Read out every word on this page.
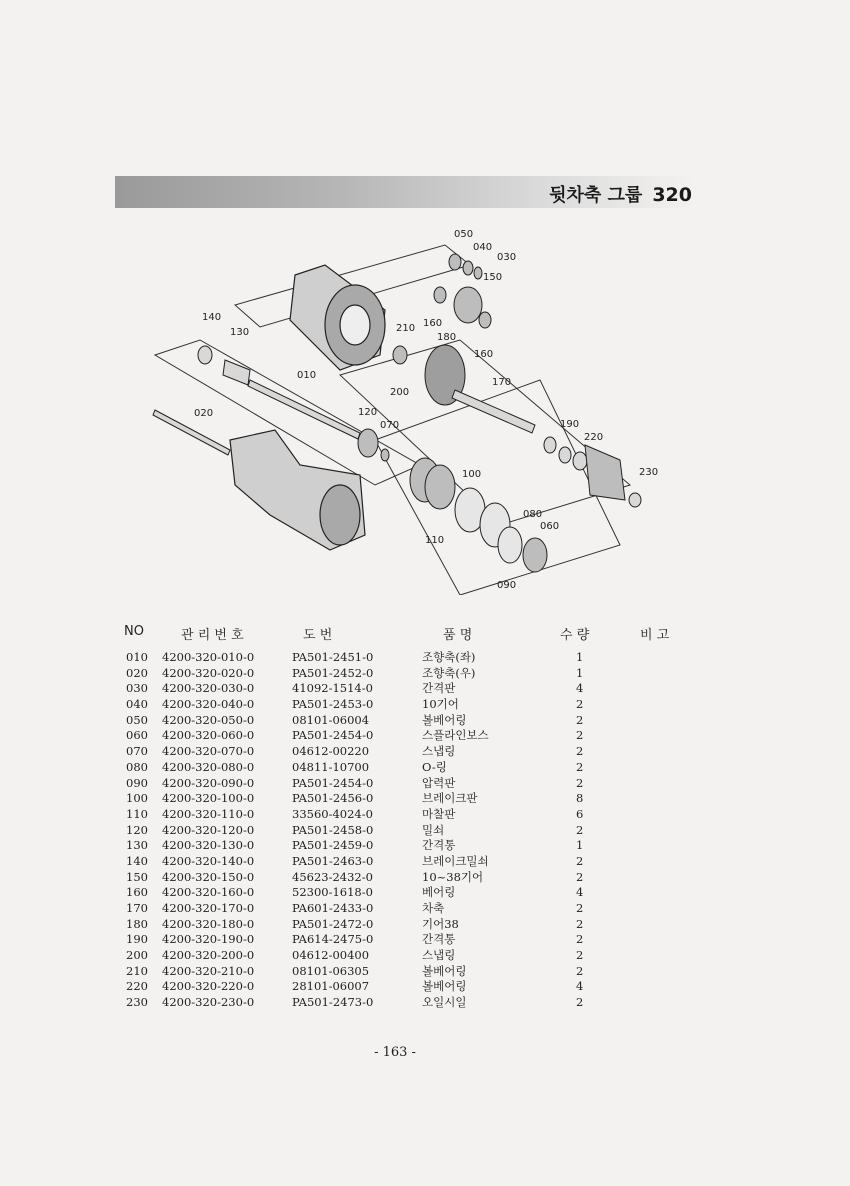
뒷차축 그룹 320
050
040
030
150
160
160
210
180
140
130
010
200
170
020	120
070	190
220
230
100
080
060
110
090
NO	관 리 번 호	도 번	품 명	수 량	비 고
010 4200-320-010-0	PA501-2451-0	조향축(좌)	1
020 4200-320-020-0	PA501-2452-0	조향축(우)	1
030 4200-320-030-0	41092-1514-0	간격판	4
040 4200-320-040-0	PA501-2453-0	10기어	2
050 4200-320-050-0	08101-06004	볼베어링	2
060 4200-320-060-0	PA501-2454-0	스플라인보스	2
070 4200-320-070-0	04612-00220	스냅링	2
080 4200-320-080-0	04811-10700	O-링	2
090 4200-320-090-0	PA501-2454-0	압력판	2
100 4200-320-100-0	PA501-2456-0	브레이크판	8
110 4200-320-110-0	33560-4024-0	마찰판	6
120 4200-320-120-0	PA501-2458-0	밀쇠	2
130 4200-320-130-0	PA501-2459-0	간격통	1
140 4200-320-140-0	PA501-2463-0	브레이크밀쇠	2
150 4200-320-150-0	45623-2432-0	10~38기어	2
160 4200-320-160-0	52300-1618-0	베어링	4
170 4200-320-170-0	PA601-2433-0	차축	2
180 4200-320-180-0	PA501-2472-0	기어38	2
190 4200-320-190-0	PA614-2475-0	간격통	2
200 4200-320-200-0	04612-00400	스냅링	2
210 4200-320-210-0	08101-06305	볼베어링	2
220 4200-320-220-0	28101-06007	볼베어링	4
230 4200-320-230-0	PA501-2473-0	오일시일	2
- 163 -
